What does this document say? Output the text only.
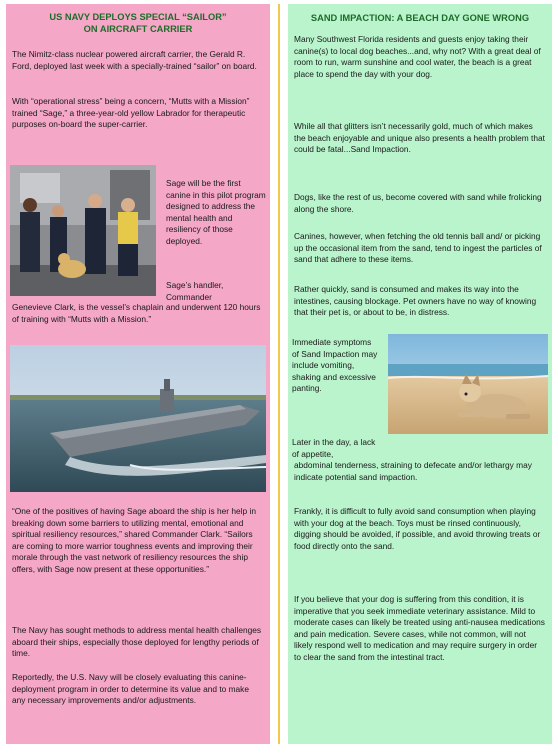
US NAVY DEPLOYS SPECIAL “SAILOR”
ON AIRCRAFT CARRIER

The Nimitz-class nuclear powered aircraft carrier, the Gerald R. Ford, deployed last week with a specially-trained “sailor” on board.

With “operational stress” being a concern, “Mutts with a Mission” trained “Sage,” a three-year-old yellow Labrador for therapeutic purposes on-board the super-carrier.

Sage will be the first canine in this pilot program designed to address the mental health and resiliency of those deployed.

Sage’s handler, Commander

Genevieve Clark, is the vessel’s chaplain and underwent 120 hours of training with “Mutts with a Mission.”

“One of the positives of having Sage aboard the ship is her help in breaking down some barriers to utilizing mental, emotional and spiritual resiliency resources,” shared Commander Clark. “Sailors are coming to more warrior toughness events and improving their morale through the vast network of resiliency resources the ship offers, with Sage now present at these opportunities.”

The Navy has sought methods to address mental health challenges aboard their ships, especially those deployed for lengthy periods of time.

Reportedly, the U.S. Navy will be closely evaluating this canine-deployment program in order to determine its value and to make any necessary improvements and/or adjustments.

SAND IMPACTION: A BEACH DAY GONE WRONG

Many Southwest Florida residents and guests enjoy taking their canine(s) to local dog beaches...and, why not? With a great deal of room to run, warm sunshine and cool water, the beach is a great place to spend the day with your dog.

While all that glitters isn’t necessarily gold, much of which makes the beach enjoyable and unique also presents a health problem that could be fatal...Sand Impaction.

Dogs, like the rest of us, become covered with sand while frolicking along the shore.

Canines, however, when fetching the old tennis ball and/ or picking up the occasional item from the sand, tend to ingest the particles of sand that adhere to these items.

Rather quickly, sand is consumed and makes its way into the intestines, causing blockage. Pet owners have no way of knowing that their pet is, or about to be, in distress.

Immediate symptoms of Sand Impaction may include vomiting, shaking and excessive panting.

Later in the day, a lack of appetite,

abdominal tenderness, straining to defecate and/or lethargy may indicate potential sand impaction.

Frankly, it is difficult to fully avoid sand consumption when playing with your dog at the beach. Toys must be rinsed continuously, digging should be avoided, if possible, and avoid throwing treats or food directly onto the sand.

If you believe that your dog is suffering from this condition, it is imperative that you seek immediate veterinary assistance. Mild to moderate cases can likely be treated using anti-nausea medications and pain medication. Severe cases, while not common, will not likely respond well to medication and may require surgery in order to clear the sand from the intestinal tract.
